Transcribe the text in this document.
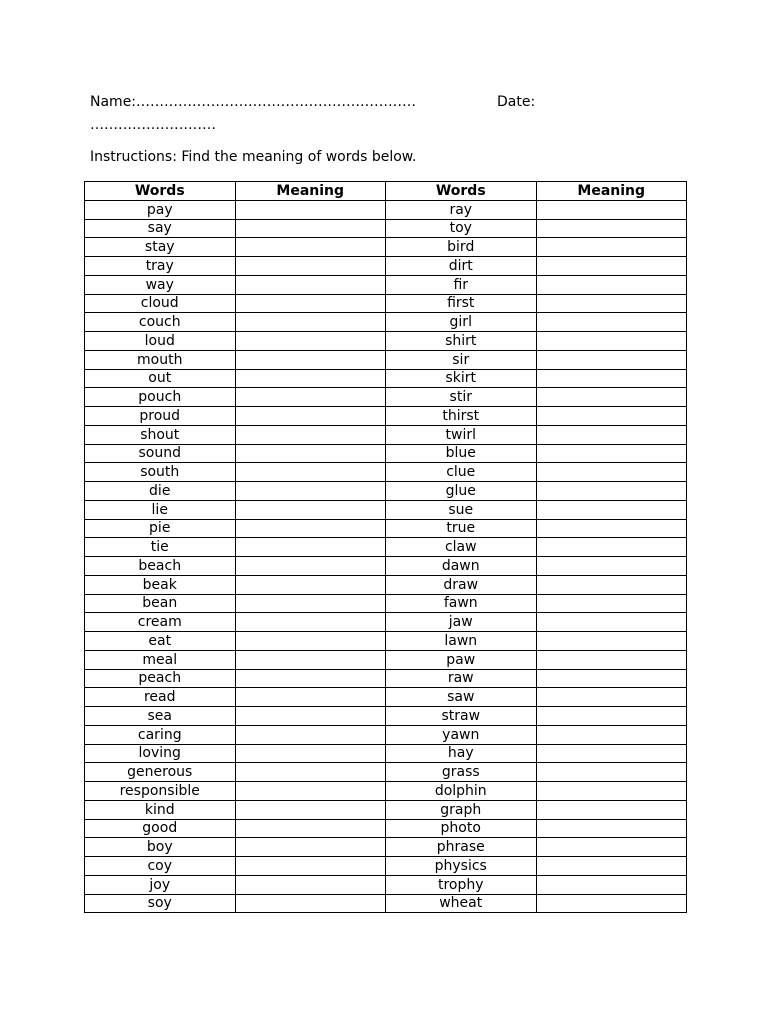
Name:……………………………………………………	Date:
………………………
Instructions: Find the meaning of words below.
Words	Meaning	Words	Meaning
pay		ray	
say		toy	
stay		bird	
tray		dirt	
way		fir	
cloud		first	
couch		girl	
loud		shirt	
mouth		sir	
out		skirt	
pouch		stir	
proud		thirst	
shout		twirl	
sound		blue	
south		clue	
die		glue	
lie		sue	
pie		true	
tie		claw	
beach		dawn	
beak		draw	
bean		fawn	
cream		jaw	
eat		lawn	
meal		paw	
peach		raw	
read		saw	
sea		straw	
caring		yawn	
loving		hay	
generous		grass	
responsible		dolphin	
kind		graph	
good		photo	
boy		phrase	
coy		physics	
joy		trophy	
soy		wheat	
